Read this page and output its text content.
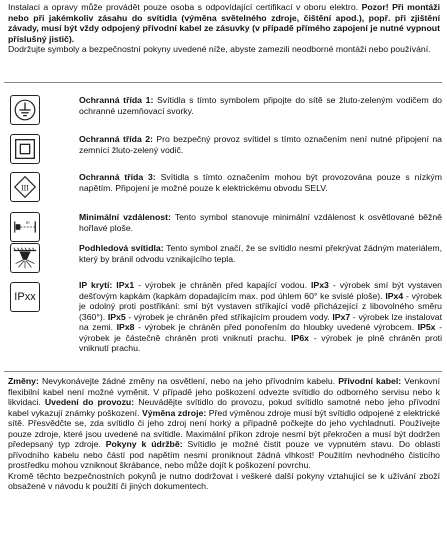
Instalaci a opravy může provádět pouze osoba s odpovídající certifikací v oboru elektro. Pozor! Při montáži nebo při jakémkoliv zásahu do svítidla (výměna světelného zdroje, čištění apod.), popř. při zjištění závady, musí být vždy odpojený přívodní kabel ze zásuvky (v případě přímého zapojení je nutné vypnout příslušný jistič).

Dodržujte symboly a bezpečnostní pokyny uvedené níže, abyste zamezili neodborné montáži nebo používání.

Ochranná třída 1: Svítidla s tímto symbolem připojte do sítě se žluto-zeleným vodičem do ochranné uzemňovací svorky.
Ochranná třída 2: Pro bezpečný provoz svítidel s tímto označením není nutné připojení na zemnící žluto-zelený vodič.
III
Ochranná třída 3: Svítidla s tímto označením mohou být provozována pouze s nízkým napětím. Připojení je možné pouze k elektrickému obvodu SELV.
m
Minimální vzdálenost: Tento symbol stanovuje minimální vzdálenost k osvětlované běžně hořlavé ploše.
Podhledová svítidla: Tento symbol značí, že se svítidlo nesmí překrývat žádným materiálem, který by bránil odvodu vznikajícího tepla.
IPxx
IP krytí: IPx1 - výrobek je chráněn před kapající vodou. IPx3 - výrobek smí být vystaven dešťovým kapkám (kapkám dopadajícím max. pod úhlem 60° ke svislé ploše). IPx4 - výrobek je odolný proti postřikání: smí být vystaven stříkající vodě přicházející z libovolného směru (360°). IPx5 - výrobek je chráněn před stříkajícím proudem vody. IPx7 - výrobek lze instalovat na zemi. IPx8 - výrobek je chráněn před ponořením do hloubky uvedené výrobcem. IP5x - výrobek je částečně chráněn proti vniknutí prachu. IP6x - výrobek je plně chráněn proti vniknutí prachu.

Změny: Nevykonávejte žádné změny na osvětlení, nebo na jeho přívodním kabelu. Přívodní kabel: Venkovní flexibilní kabel není možné vyměnit. V případě jeho poškození odvezte svítidlo do odborného servisu nebo k likvidaci. Uvedení do provozu: Neuvádějte svítidlo do provozu, pokud svítidlo samotné nebo jeho přívodní kabel vykazují známky poškození. Výměna zdroje: Před výměnou zdroje musí být svítidlo odpojené z elektrické sítě. Přesvědčte se, zda svítidlo či jeho zdroj není horký a případně počkejte do jeho vychladnutí. Používejte pouze zdroje, které jsou uvedené na svítidle. Maximální příkon zdroje nesmí být překročen a musí být dodržen předepsaný typ zdroje. Pokyny k údržbě: Svítidlo je možné čistit pouze ve vypnutém stavu. Do oblasti přívodního kabelu nebo částí pod napětím nesmí proniknout žádná vlhkost! Použitím nevhodného čisticího prostředku mohou vzniknout škrábance, nebo může dojít k poškození povrchu.

Kromě těchto bezpečnostních pokynů je nutno dodržovat i veškeré další pokyny vztahující se k užívání zboží obsažené v návodu k použití či jiných dokumentech.
